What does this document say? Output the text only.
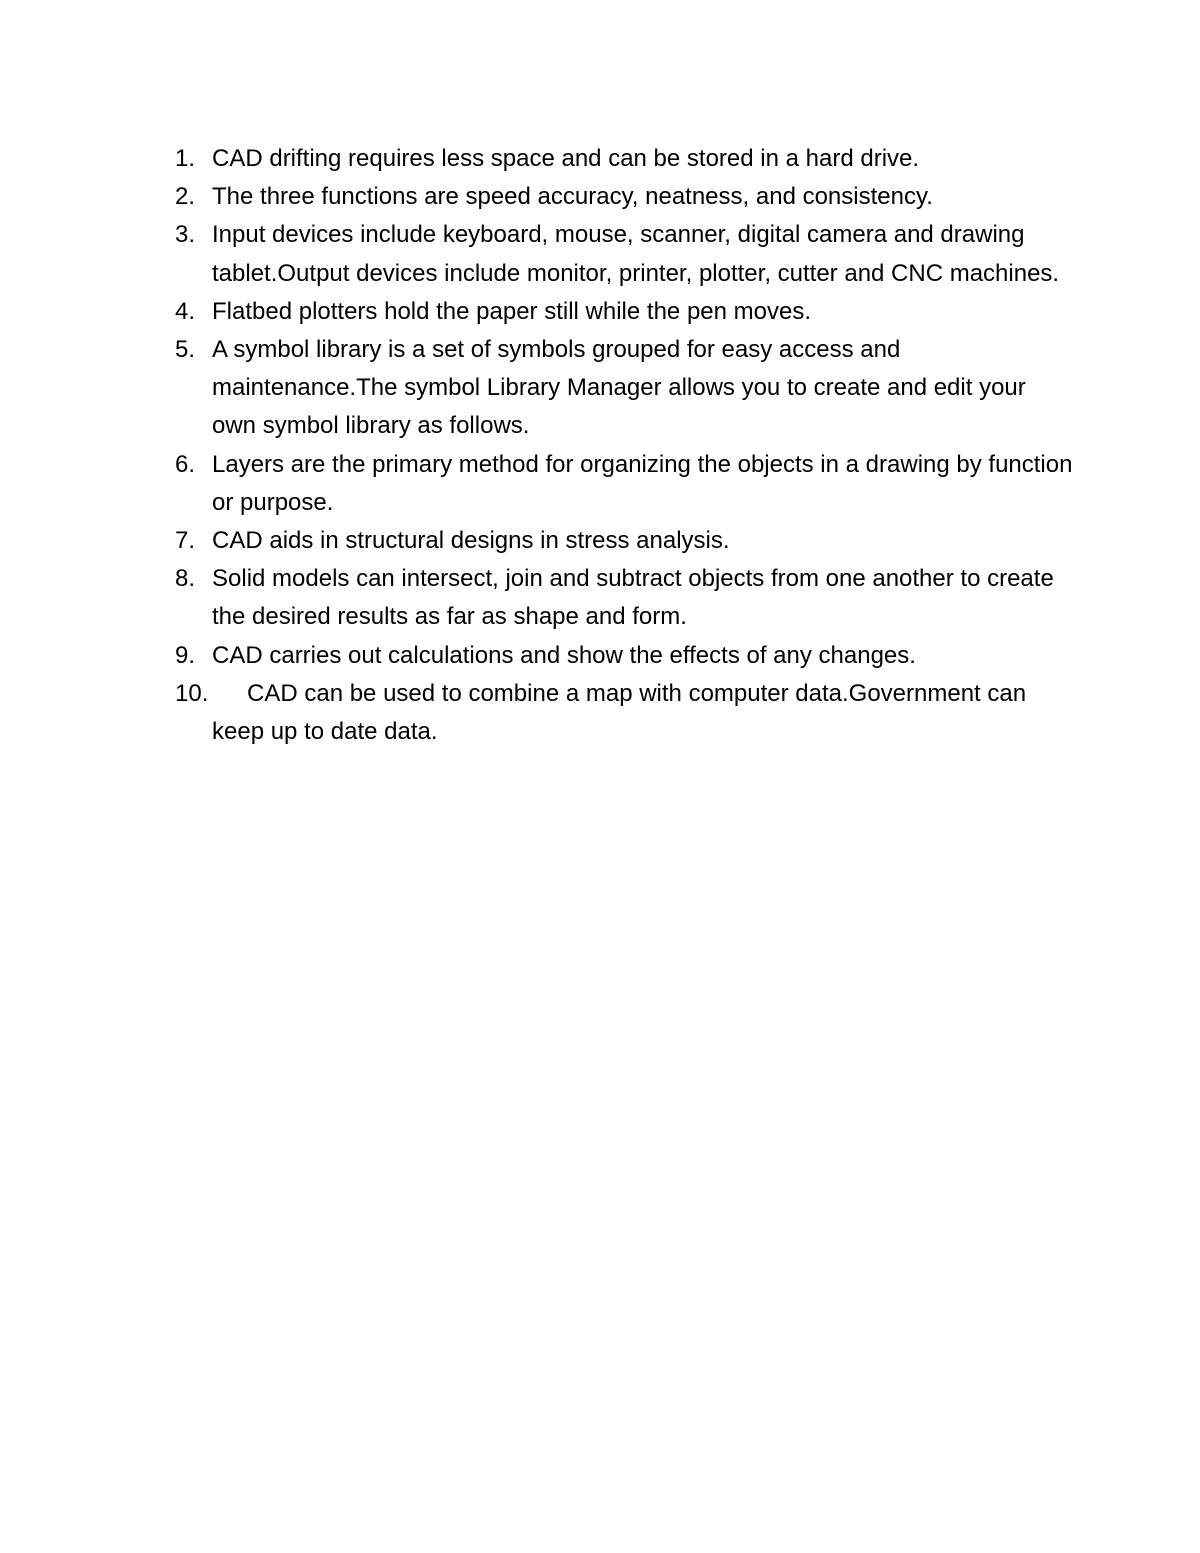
1. CAD drifting requires less space and can be stored in a hard drive.
2. The three functions are speed accuracy, neatness, and consistency.
3. Input devices include keyboard, mouse, scanner, digital camera and drawing tablet.Output devices include monitor, printer, plotter, cutter and CNC machines.
4. Flatbed plotters hold the paper still while the pen moves.
5. A symbol library is a set of symbols grouped for easy access and maintenance.The symbol Library Manager allows you to create and edit your own symbol library as follows.
6. Layers are the primary method for organizing the objects in a drawing by function or purpose.
7. CAD aids in structural designs in stress analysis.
8. Solid models can intersect, join and subtract objects from one another to create the desired results as far as shape and form.
9. CAD carries out calculations and show the effects of any changes.
10. CAD can be used to combine a map with computer data.Government can keep up to date data.
